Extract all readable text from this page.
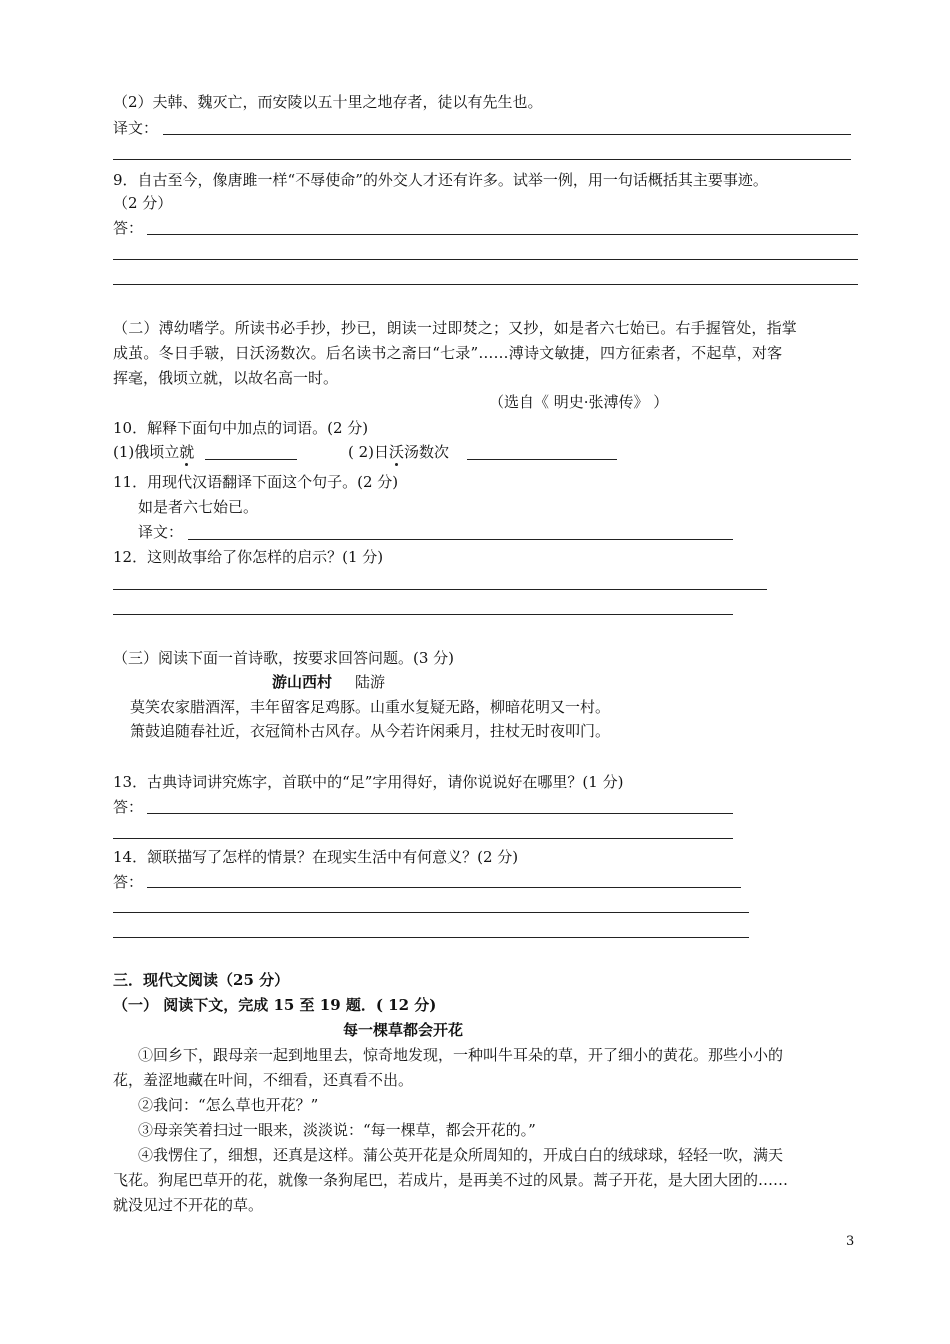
（2）夫韩、魏灭亡，而安陵以五十里之地存者，徒以有先生也。
译文：
9．自古至今，像唐雎一样“不辱使命”的外交人才还有许多。试举一例，用一句话概括其主要事迹。
（2 分）
答：
（二）溥幼嗜学。所读书必手抄，抄已，朗读一过即焚之；又抄，如是者六七始已。右手握管处，指掌
成茧。冬日手皲，日沃汤数次。后名读书之斋曰“七录”……溥诗文敏捷，四方征索者，不起草，对客
挥毫，俄顷立就，以故名高一时。
（选自《 明史·张溥传》 ）
10．解释下面句中加点的词语。(2 分)
(1)俄顷立就	( 2)日沃汤数次
11．用现代汉语翻译下面这个句子。(2 分)
如是者六七始已。
译文：
12．这则故事给了你怎样的启示？(1 分)
（三）阅读下面一首诗歌，按要求回答问题。(3 分)
游山西村 陆游
莫笑农家腊酒浑，丰年留客足鸡豚。山重水复疑无路，柳暗花明又一村。
箫鼓追随春社近，衣冠简朴古风存。从今若许闲乘月，拄杖无时夜叩门。
13．古典诗词讲究炼字，首联中的“足”字用得好，请你说说好在哪里？(1 分)
答：
14．颔联描写了怎样的情景？在现实生活中有何意义？(2 分)
答：
三．现代文阅读（25 分）
（一） 阅读下文，完成 15 至 19 题．( 12 分)
每一棵草都会开花
①回乡下，跟母亲一起到地里去，惊奇地发现，一种叫牛耳朵的草，开了细小的黄花。那些小小的
花，羞涩地藏在叶间，不细看，还真看不出。
②我问：“怎么草也开花？”
③母亲笑着扫过一眼来，淡淡说：“每一棵草，都会开花的。”
④我愣住了，细想，还真是这样。蒲公英开花是众所周知的，开成白白的绒球球，轻轻一吹，满天
飞花。狗尾巴草开的花，就像一条狗尾巴，若成片，是再美不过的风景。蒿子开花，是大团大团的……
就没见过不开花的草。
3
